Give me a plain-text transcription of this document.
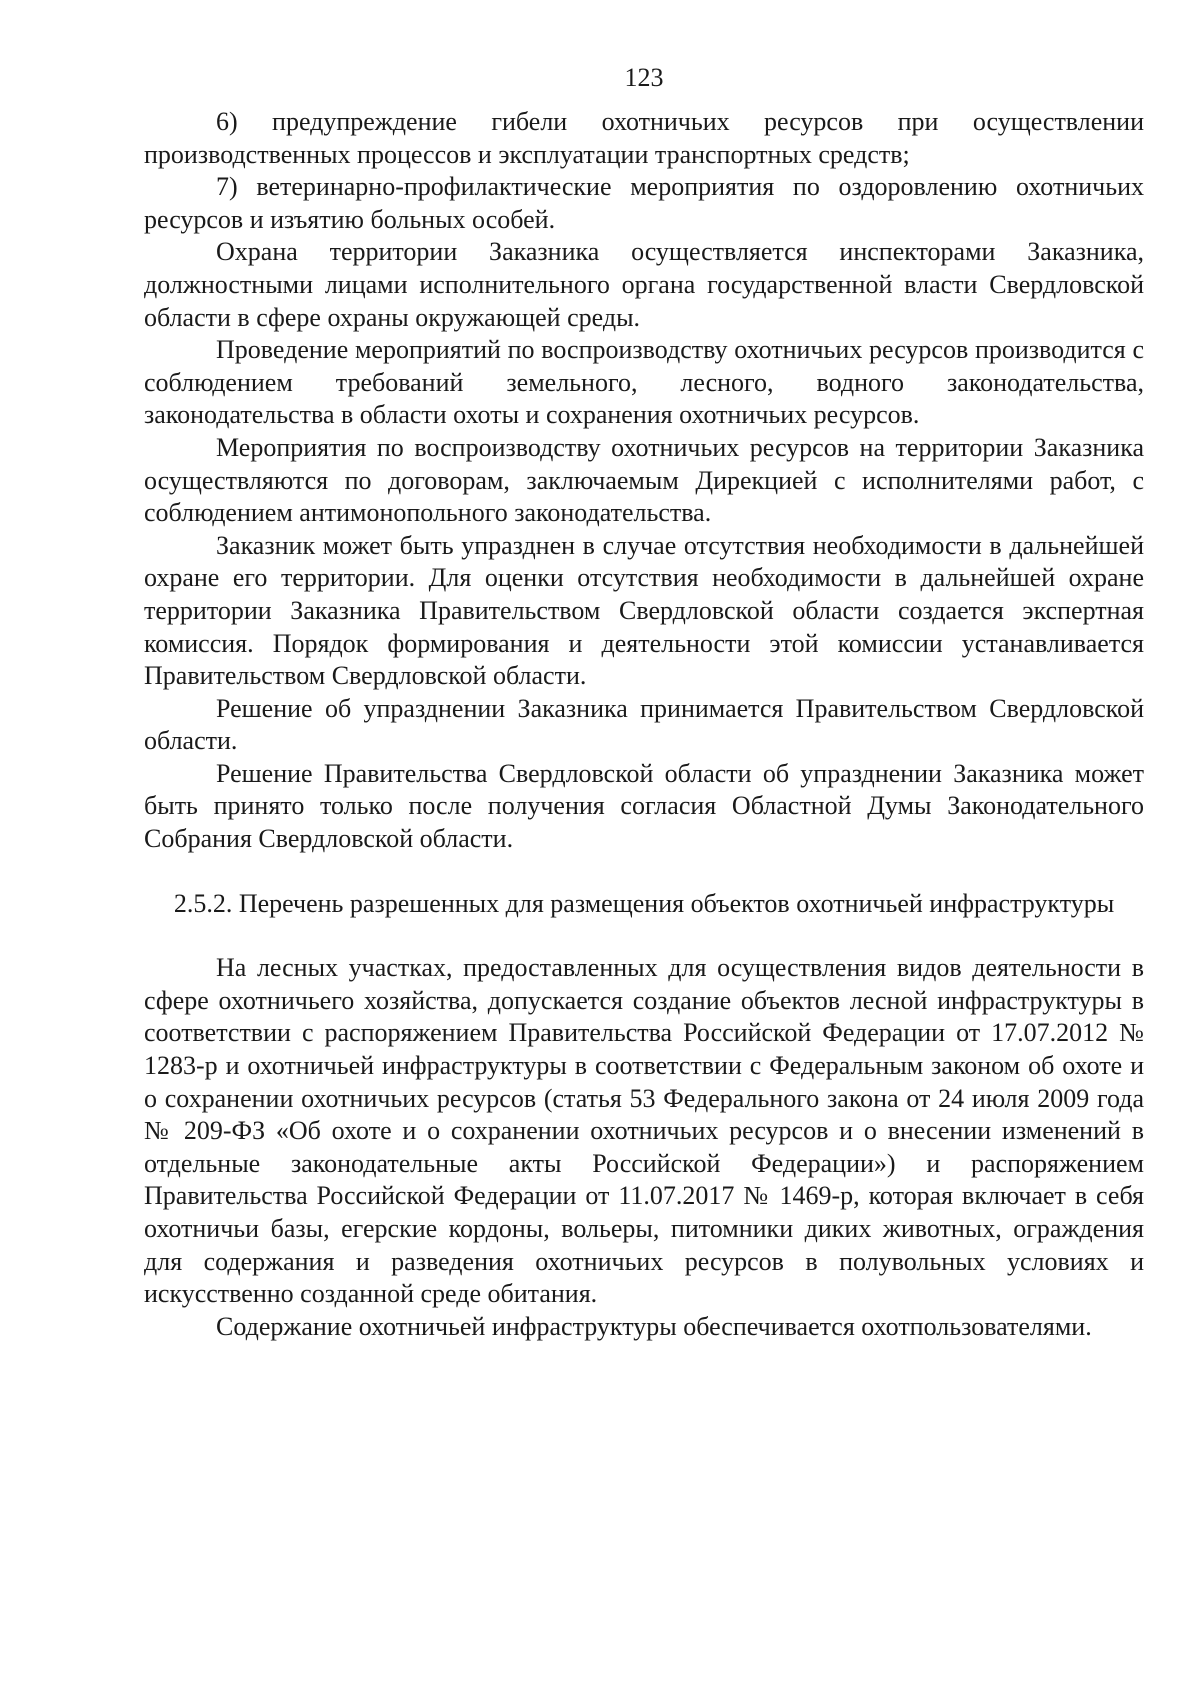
123

6) предупреждение гибели охотничьих ресурсов при осуществлении производственных процессов и эксплуатации транспортных средств;

7) ветеринарно-профилактические мероприятия по оздоровлению охотничьих ресурсов и изъятию больных особей.

Охрана территории Заказника осуществляется инспекторами Заказника, должностными лицами исполнительного органа государственной власти Свердловской области в сфере охраны окружающей среды.

Проведение мероприятий по воспроизводству охотничьих ресурсов производится с соблюдением требований земельного, лесного, водного законодательства, законодательства в области охоты и сохранения охотничьих ресурсов.

Мероприятия по воспроизводству охотничьих ресурсов на территории Заказника осуществляются по договорам, заключаемым Дирекцией с исполнителями работ, с соблюдением антимонопольного законодательства.

Заказник может быть упразднен в случае отсутствия необходимости в дальнейшей охране его территории. Для оценки отсутствия необходимости в дальнейшей охране территории Заказника Правительством Свердловской области создается экспертная комиссия. Порядок формирования и деятельности этой комиссии устанавливается Правительством Свердловской области.

Решение об упразднении Заказника принимается Правительством Свердловской области.

Решение Правительства Свердловской области об упразднении Заказника может быть принято только после получения согласия Областной Думы Законодательного Собрания Свердловской области.

2.5.2. Перечень разрешенных для размещения объектов охотничьей инфраструктуры

На лесных участках, предоставленных для осуществления видов деятельности в сфере охотничьего хозяйства, допускается создание объектов лесной инфраструктуры в соответствии с распоряжением Правительства Российской Федерации от 17.07.2012 № 1283-р и охотничьей инфраструктуры в соответствии с Федеральным законом об охоте и о сохранении охотничьих ресурсов (статья 53 Федерального закона от 24 июля 2009 года № 209-ФЗ «Об охоте и о сохранении охотничьих ресурсов и о внесении изменений в отдельные законодательные акты Российской Федерации») и распоряжением Правительства Российской Федерации от 11.07.2017 № 1469-р, которая включает в себя охотничьи базы, егерские кордоны, вольеры, питомники диких животных, ограждения для содержания и разведения охотничьих ресурсов в полувольных условиях и искусственно созданной среде обитания.

Содержание охотничьей инфраструктуры обеспечивается охотпользователями.
